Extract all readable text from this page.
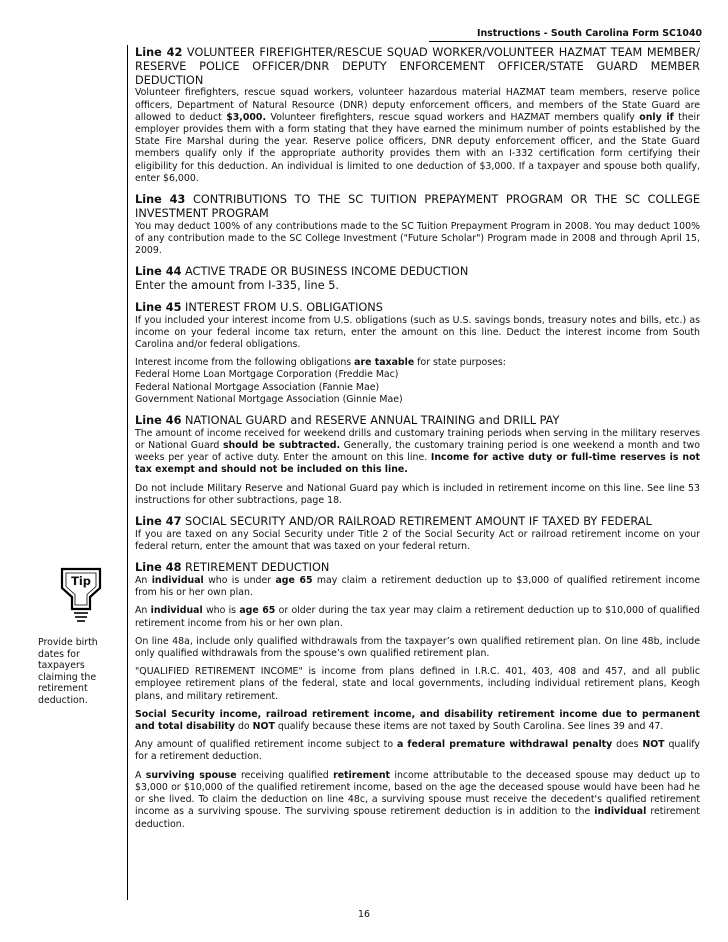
Instructions - South Carolina Form SC1040
Tip
Provide birth dates for taxpayers claiming the retirement deduction.
Line 42 VOLUNTEER FIREFIGHTER/RESCUE SQUAD WORKER/VOLUNTEER HAZMAT TEAM MEMBER/ RESERVE POLICE OFFICER/DNR DEPUTY ENFORCEMENT OFFICER/STATE GUARD MEMBER DEDUCTION

Volunteer firefighters, rescue squad workers, volunteer hazardous material HAZMAT team members, reserve police officers, Department of Natural Resource (DNR) deputy enforcement officers, and members of the State Guard are allowed to deduct $3,000. Volunteer firefighters, rescue squad workers and HAZMAT members qualify only if their employer provides them with a form stating that they have earned the minimum number of points established by the State Fire Marshal during the year. Reserve police officers, DNR deputy enforcement officer, and the State Guard members qualify only if the appropriate authority provides them with an I-332 certification form certifying their eligibility for this deduction. An individual is limited to one deduction of $3,000. If a taxpayer and spouse both qualify, enter $6,000.

Line 43 CONTRIBUTIONS TO THE SC TUITION PREPAYMENT PROGRAM OR THE SC COLLEGE INVESTMENT PROGRAM

You may deduct 100% of any contributions made to the SC Tuition Prepayment Program in 2008. You may deduct 100% of any contribution made to the SC College Investment ("Future Scholar") Program made in 2008 and through April 15, 2009.

Line 44 ACTIVE TRADE OR BUSINESS INCOME DEDUCTION

Enter the amount from I-335, line 5.

Line 45 INTEREST FROM U.S. OBLIGATIONS

If you included your interest income from U.S. obligations (such as U.S. savings bonds, treasury notes and bills, etc.) as income on your federal income tax return, enter the amount on this line. Deduct the interest income from South Carolina and/or federal obligations.

Interest income from the following obligations are taxable for state purposes:

Federal Home Loan Mortgage Corporation (Freddie Mac)
Federal National Mortgage Association (Fannie Mae)
Government National Mortgage Association (Ginnie Mae)
Line 46 NATIONAL GUARD and RESERVE ANNUAL TRAINING and DRILL PAY

The amount of income received for weekend drills and customary training periods when serving in the military reserves or National Guard should be subtracted. Generally, the customary training period is one weekend a month and two weeks per year of active duty. Enter the amount on this line. Income for active duty or full-time reserves is not tax exempt and should not be included on this line.

Do not include Military Reserve and National Guard pay which is included in retirement income on this line. See line 53 instructions for other subtractions, page 18.

Line 47 SOCIAL SECURITY AND/OR RAILROAD RETIREMENT AMOUNT IF TAXED BY FEDERAL

If you are taxed on any Social Security under Title 2 of the Social Security Act or railroad retirement income on your federal return, enter the amount that was taxed on your federal return.

Line 48 RETIREMENT DEDUCTION

An individual who is under age 65 may claim a retirement deduction up to $3,000 of qualified retirement income from his or her own plan.

An individual who is age 65 or older during the tax year may claim a retirement deduction up to $10,000 of qualified retirement income from his or her own plan.

On line 48a, include only qualified withdrawals from the taxpayer’s own qualified retirement plan. On line 48b, include only qualified withdrawals from the spouse’s own qualified retirement plan.

"QUALIFIED RETIREMENT INCOME" is income from plans defined in I.R.C. 401, 403, 408 and 457, and all public employee retirement plans of the federal, state and local governments, including individual retirement plans, Keogh plans, and military retirement.

Social Security income, railroad retirement income, and disability retirement income due to permanent and total disability do NOT qualify because these items are not taxed by South Carolina. See lines 39 and 47.

Any amount of qualified retirement income subject to a federal premature withdrawal penalty does NOT qualify for a retirement deduction.

A surviving spouse receiving qualified retirement income attributable to the deceased spouse may deduct up to $3,000 or $10,000 of the qualified retirement income, based on the age the deceased spouse would have been had he or she lived. To claim the deduction on line 48c, a surviving spouse must receive the decedent's qualified retirement income as a surviving spouse. The surviving spouse retirement deduction is in addition to the individual retirement deduction.

16
